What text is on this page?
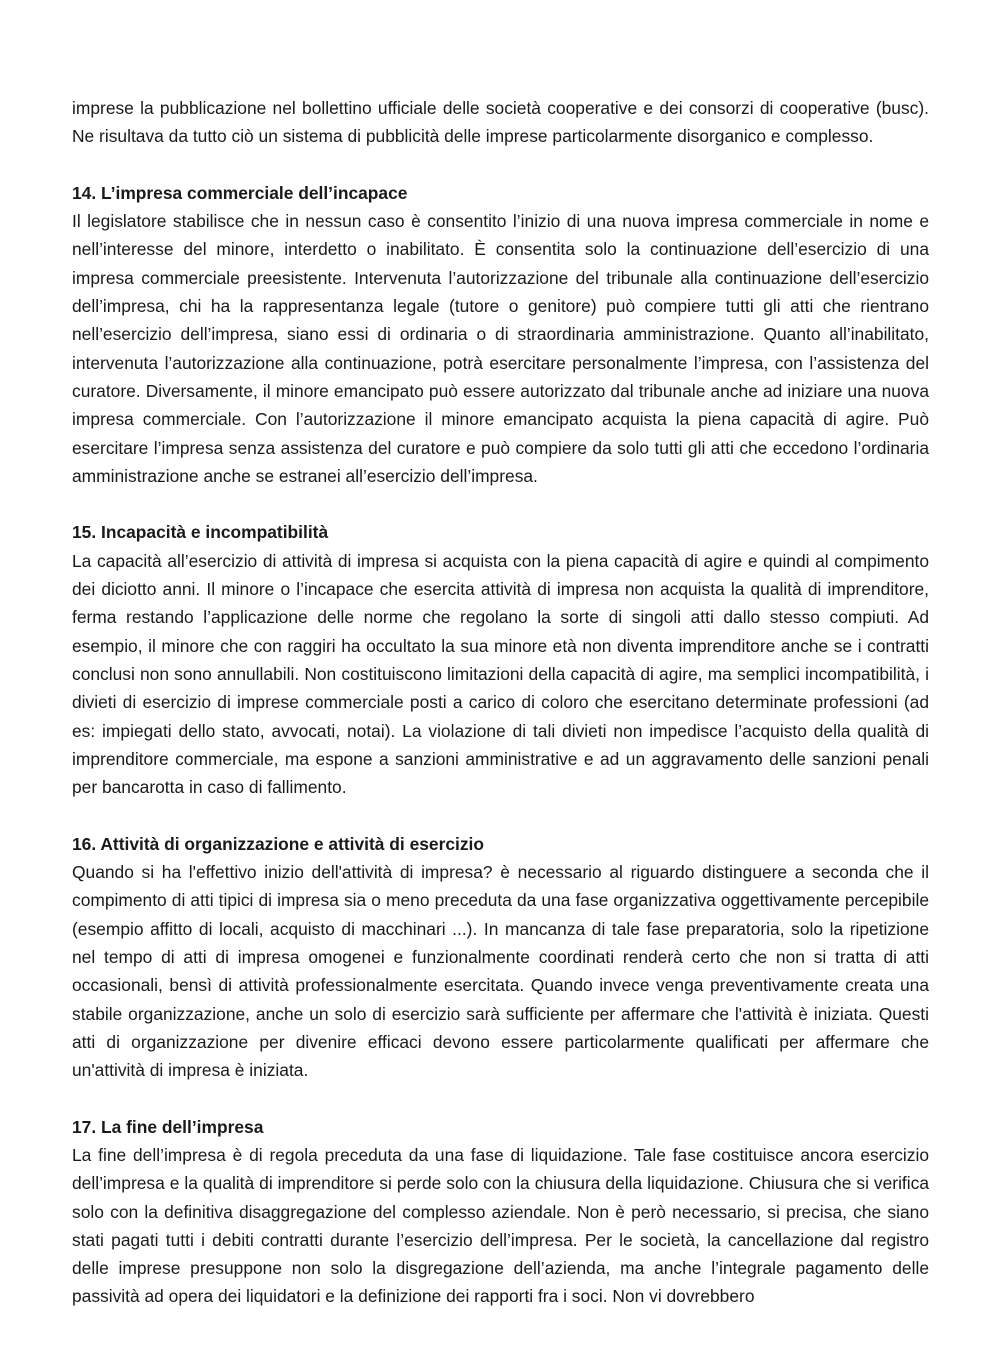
imprese la pubblicazione nel bollettino ufficiale delle società cooperative e dei consorzi di cooperative (busc). Ne risultava da tutto ciò un sistema di pubblicità delle imprese particolarmente disorganico e complesso.

14. L’impresa commerciale dell’incapace

Il legislatore stabilisce che in nessun caso è consentito l’inizio di una nuova impresa commerciale in nome e nell’interesse del minore, interdetto o inabilitato. È consentita solo la continuazione dell’esercizio di una impresa commerciale preesistente. Intervenuta l’autorizzazione del tribunale alla continuazione dell’esercizio dell’impresa, chi ha la rappresentanza legale (tutore o genitore) può compiere tutti gli atti che rientrano nell’esercizio dell’impresa, siano essi di ordinaria o di straordinaria amministrazione. Quanto all’inabilitato, intervenuta l’autorizzazione alla continuazione, potrà esercitare personalmente l’impresa, con l’assistenza del curatore. Diversamente, il minore emancipato può essere autorizzato dal tribunale anche ad iniziare una nuova impresa commerciale. Con l’autorizzazione il minore emancipato acquista la piena capacità di agire. Può esercitare l’impresa senza assistenza del curatore e può compiere da solo tutti gli atti che eccedono l’ordinaria amministrazione anche se estranei all’esercizio dell’impresa.

15. Incapacità e incompatibilità

La capacità all’esercizio di attività di impresa si acquista con la piena capacità di agire e quindi al compimento dei diciotto anni. Il minore o l’incapace che esercita attività di impresa non acquista la qualità di imprenditore, ferma restando l’applicazione delle norme che regolano la sorte di singoli atti dallo stesso compiuti. Ad esempio, il minore che con raggiri ha occultato la sua minore età non diventa imprenditore anche se i contratti conclusi non sono annullabili. Non costituiscono limitazioni della capacità di agire, ma semplici incompatibilità, i divieti di esercizio di imprese commerciale posti a carico di coloro che esercitano determinate professioni (ad es: impiegati dello stato, avvocati, notai). La violazione di tali divieti non impedisce l’acquisto della qualità di imprenditore commerciale, ma espone a sanzioni amministrative e ad un aggravamento delle sanzioni penali per bancarotta in caso di fallimento.

16. Attività di organizzazione e attività di esercizio

Quando si ha l'effettivo inizio dell'attività di impresa? è necessario al riguardo distinguere a seconda che il compimento di atti tipici di impresa sia o meno preceduta da una fase organizzativa oggettivamente percepibile (esempio affitto di locali, acquisto di macchinari ...). In mancanza di tale fase preparatoria, solo la ripetizione nel tempo di atti di impresa omogenei e funzionalmente coordinati renderà certo che non si tratta di atti occasionali, bensì di attività professionalmente esercitata. Quando invece venga preventivamente creata una stabile organizzazione, anche un solo di esercizio sarà sufficiente per affermare che l'attività è iniziata. Questi atti di organizzazione per divenire efficaci devono essere particolarmente qualificati per affermare che un'attività di impresa è iniziata.

17. La fine dell’impresa

La fine dell’impresa è di regola preceduta da una fase di liquidazione. Tale fase costituisce ancora esercizio dell’impresa e la qualità di imprenditore si perde solo con la chiusura della liquidazione. Chiusura che si verifica solo con la definitiva disaggregazione del complesso aziendale. Non è però necessario, si precisa, che siano stati pagati tutti i debiti contratti durante l’esercizio dell’impresa. Per le società, la cancellazione dal registro delle imprese presuppone non solo la disgregazione dell’azienda, ma anche l’integrale pagamento delle passività ad opera dei liquidatori e la definizione dei rapporti fra i soci. Non vi dovrebbero
